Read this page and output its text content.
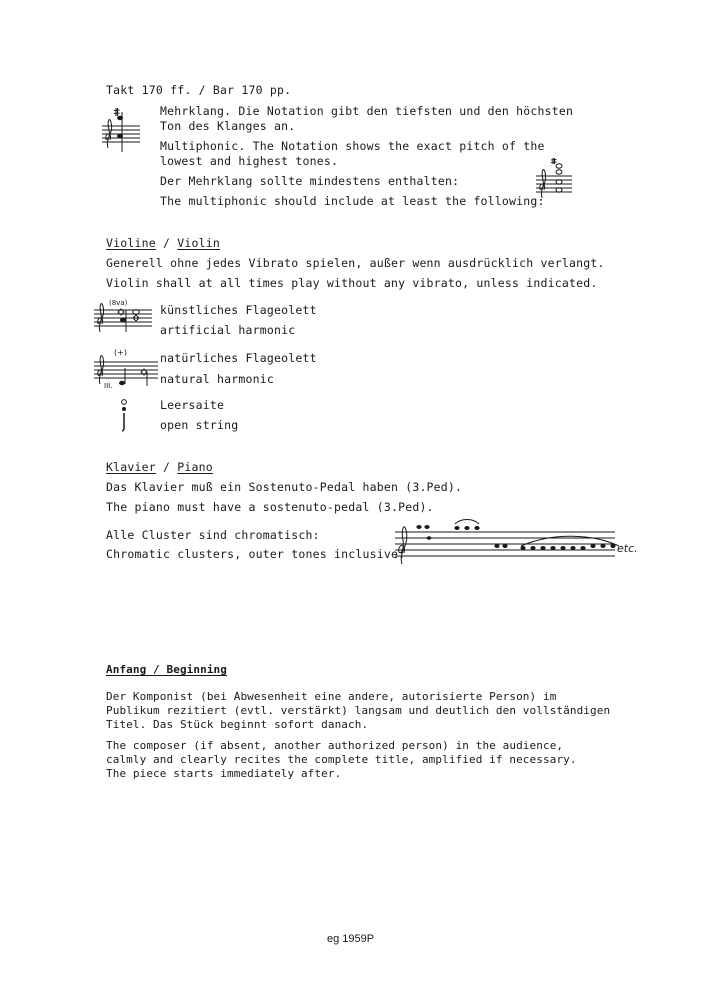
Takt 170 ff. / Bar 170 pp.
Mehrklang. Die Notation gibt den tiefsten und den höchsten
Ton des Klanges an.
Multiphonic. The Notation shows the exact pitch of the
lowest and highest tones.
Der Mehrklang sollte mindestens enthalten:
The multiphonic should include at least the following:
Violine / Violin
Generell ohne jedes Vibrato spielen, außer wenn ausdrücklich verlangt.
Violin shall at all times play without any vibrato, unless indicated.
(8va)	künstliches Flageolett
artificial harmonic
(+)
III.
natürliches Flageolett
natural harmonic
Leersaite
open string
Klavier / Piano
Das Klavier muß ein Sostenuto-Pedal haben (3.Ped).
The piano must have a sostenuto-pedal (3.Ped).
Alle Cluster sind chromatisch:
Chromatic clusters, outer tones inclusive:	etc.
Anfang / Beginning
Der Komponist (bei Abwesenheit eine andere, autorisierte Person) im
Publikum rezitiert (evtl. verstärkt) langsam und deutlich den vollständigen
Titel. Das Stück beginnt sofort danach.
The composer (if absent, another authorized person) in the audience,
calmly and clearly recites the complete title, amplified if necessary.
The piece starts immediately after.
eg 1959P
